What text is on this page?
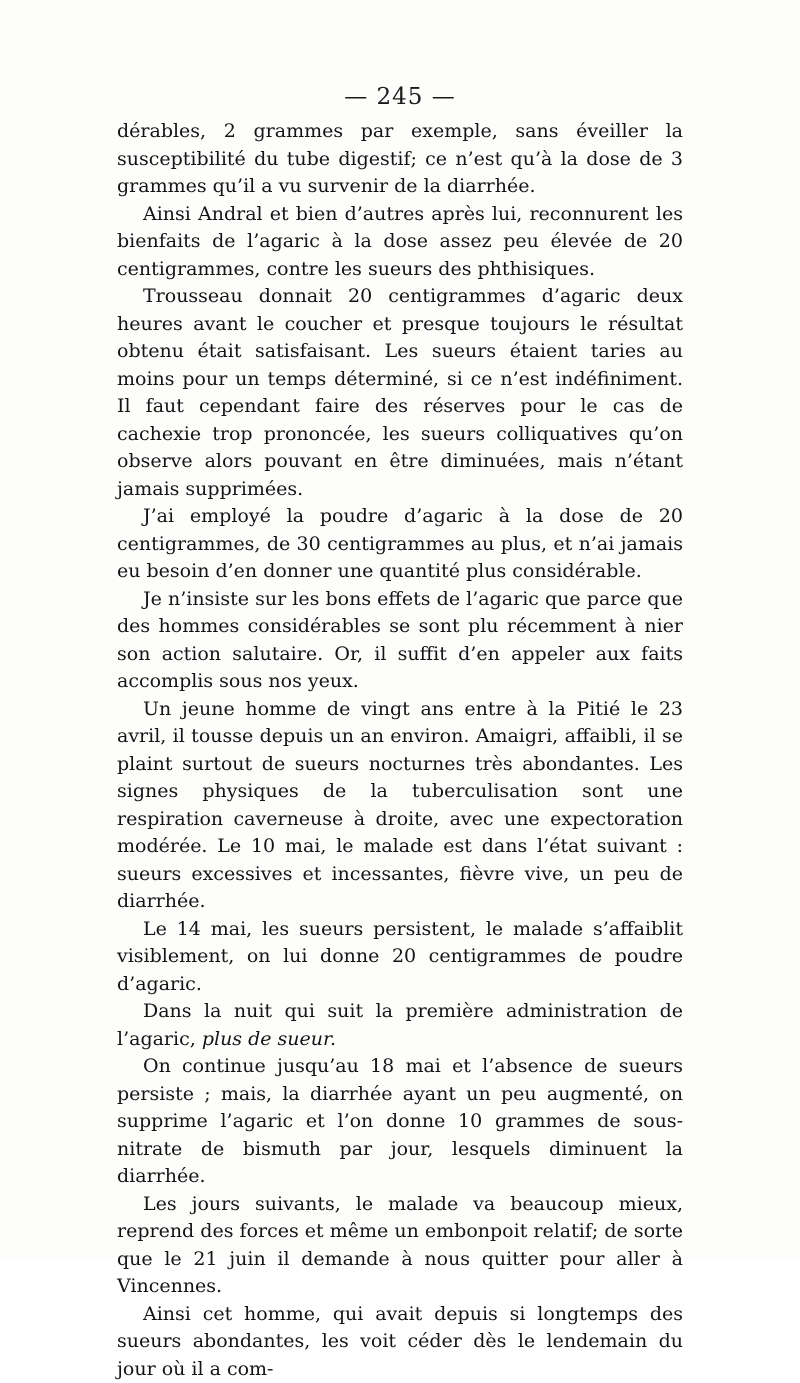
— 245 —

dérables, 2 grammes par exemple, sans éveiller la susceptibilité du tube digestif; ce n’est qu’à la dose de 3 grammes qu’il a vu survenir de la diarrhée.

Ainsi Andral et bien d’autres après lui, reconnurent les bienfaits de l’agaric à la dose assez peu élevée de 20 centigrammes, contre les sueurs des phthisiques.

Trousseau donnait 20 centigrammes d’agaric deux heures avant le coucher et presque toujours le résultat obtenu était satisfaisant. Les sueurs étaient taries au moins pour un temps déterminé, si ce n’est indéfiniment. Il faut cependant faire des réserves pour le cas de cachexie trop prononcée, les sueurs colliquatives qu’on observe alors pouvant en être diminuées, mais n’étant jamais supprimées.

J’ai employé la poudre d’agaric à la dose de 20 centigrammes, de 30 centigrammes au plus, et n’ai jamais eu besoin d’en donner une quantité plus considérable.

Je n’insiste sur les bons effets de l’agaric que parce que des hommes considérables se sont plu récemment à nier son action salutaire. Or, il suffit d’en appeler aux faits accomplis sous nos yeux.

Un jeune homme de vingt ans entre à la Pitié le 23 avril, il tousse depuis un an environ. Amaigri, affaibli, il se plaint surtout de sueurs nocturnes très abondantes. Les signes physiques de la tuberculisation sont une respiration caverneuse à droite, avec une expectoration modérée. Le 10 mai, le malade est dans l’état suivant : sueurs excessives et incessantes, fièvre vive, un peu de diarrhée.

Le 14 mai, les sueurs persistent, le malade s’affaiblit visiblement, on lui donne 20 centigrammes de poudre d’agaric.

Dans la nuit qui suit la première administration de l’agaric, plus de sueur.

On continue jusqu’au 18 mai et l’absence de sueurs persiste ; mais, la diarrhée ayant un peu augmenté, on supprime l’agaric et l’on donne 10 grammes de sous-nitrate de bismuth par jour, lesquels diminuent la diarrhée.

Les jours suivants, le malade va beaucoup mieux, reprend des forces et même un embonpoit relatif; de sorte que le 21 juin il demande à nous quitter pour aller à Vincennes.

Ainsi cet homme, qui avait depuis si longtemps des sueurs abondantes, les voit céder dès le lendemain du jour où il a com-
